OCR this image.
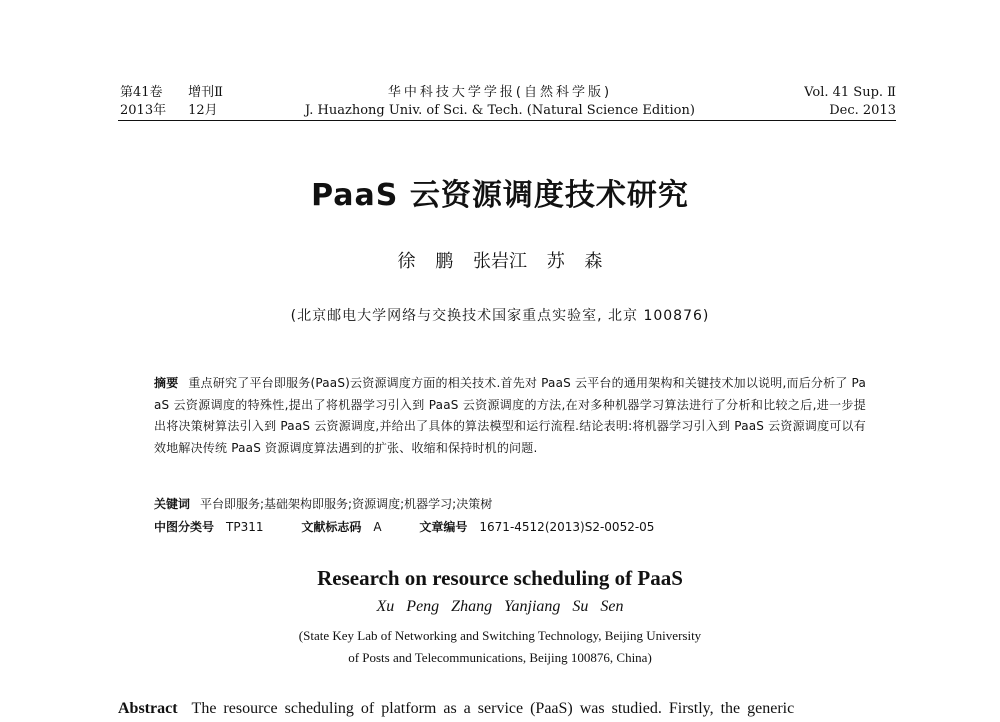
第41卷 增刊Ⅱ
2013年 12月
华中科技大学学报(自然科学版)
J. Huazhong Univ. of Sci. & Tech. (Natural Science Edition)
Vol. 41 Sup. Ⅱ
Dec. 2013
PaaS 云资源调度技术研究
徐 鹏 张岩江 苏 森
(北京邮电大学网络与交换技术国家重点实验室, 北京 100876)
摘要 重点研究了平台即服务(PaaS)云资源调度方面的相关技术.首先对 PaaS 云平台的通用架构和关键技术加以说明,而后分析了 PaaS 云资源调度的特殊性,提出了将机器学习引入到 PaaS 云资源调度的方法,在对多种机器学习算法进行了分析和比较之后,进一步提出将决策树算法引入到 PaaS 云资源调度,并给出了具体的算法模型和运行流程.结论表明:将机器学习引入到 PaaS 云资源调度可以有效地解决传统 PaaS 资源调度算法遇到的扩张、收缩和保持时机的问题.
关键词 平台即服务;基础架构即服务;资源调度;机器学习;决策树
中图分类号 TP311	文献标志码 A	文章编号 1671-4512(2013)S2-0052-05
Research on resource scheduling of PaaS
Xu Peng Zhang Yanjiang Su Sen
(State Key Lab of Networking and Switching Technology, Beijing University
of Posts and Telecommunications, Beijing 100876, China)
Abstract The resource scheduling of platform as a service (PaaS) was studied. Firstly, the generic
